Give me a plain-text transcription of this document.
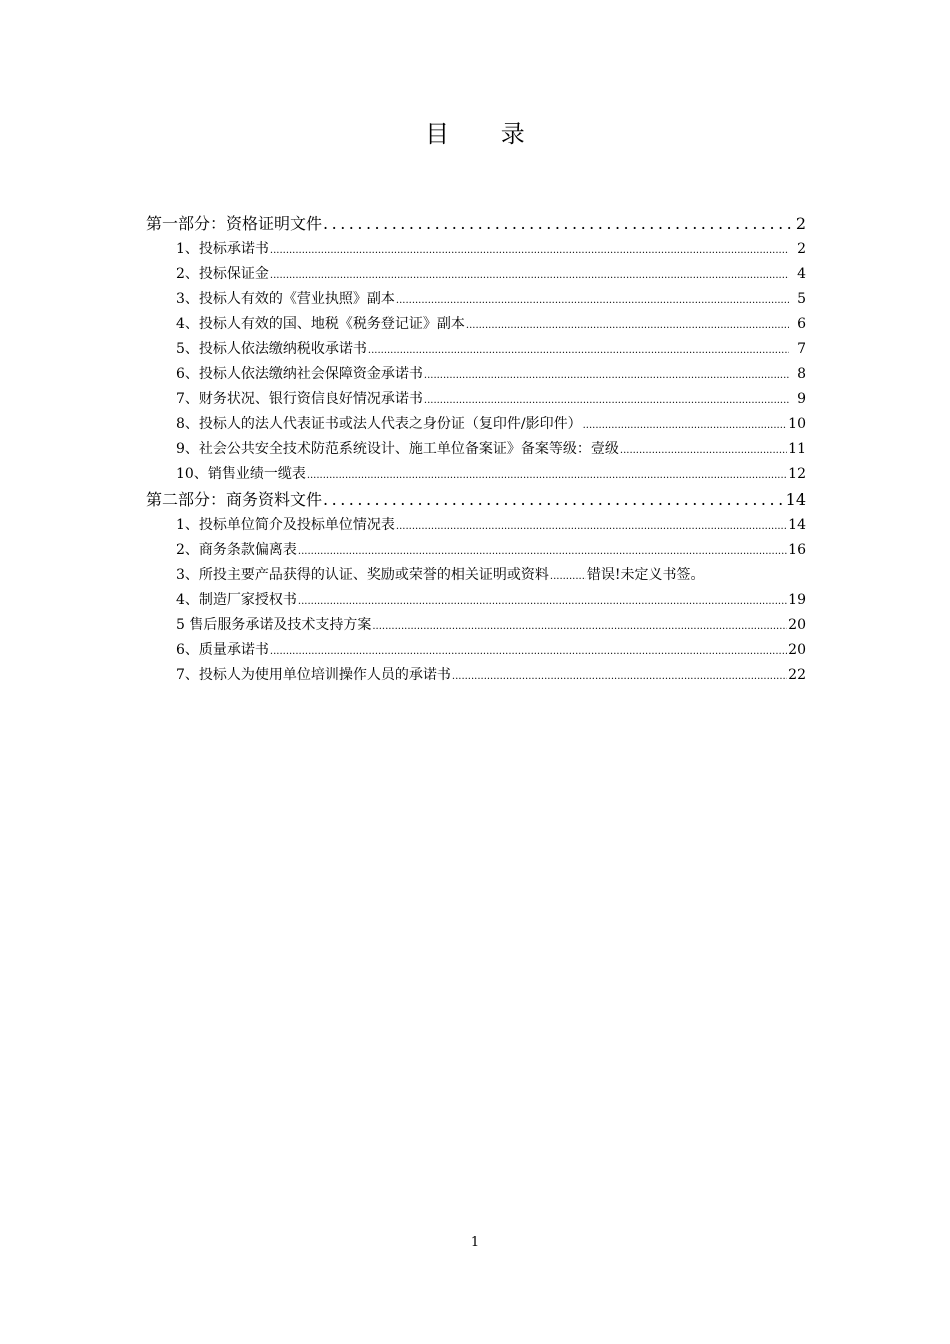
目 录
第一部分：资格证明文件 .....	2
1、投标承诺书 .....	2
2、投标保证金 .....	4
3、投标人有效的《营业执照》副本 .....	5
4、投标人有效的国、地税《税务登记证》副本 .....	6
5、投标人依法缴纳税收承诺书 .....	7
6、投标人依法缴纳社会保障资金承诺书 .....	8
7、财务状况、银行资信良好情况承诺书 .....	9
8、投标人的法人代表证书或法人代表之身份证（复印件/影印件） .....	10
9、社会公共安全技术防范系统设计、施工单位备案证》备案等级：壹级 .....	11
10、销售业绩一缆表 .....	12
第二部分：商务资料文件 .....	14
1、投标单位简介及投标单位情况表 .....	14
2、商务条款偏离表 .....	16
3、所投主要产品获得的认证、奖励或荣誉的相关证明或资料 .....	错误!未定义书签。
4、制造厂家授权书 .....	19
5 售后服务承诺及技术支持方案 .....	20
6、质量承诺书 .....	20
7、投标人为使用单位培训操作人员的承诺书 .....	22
1
